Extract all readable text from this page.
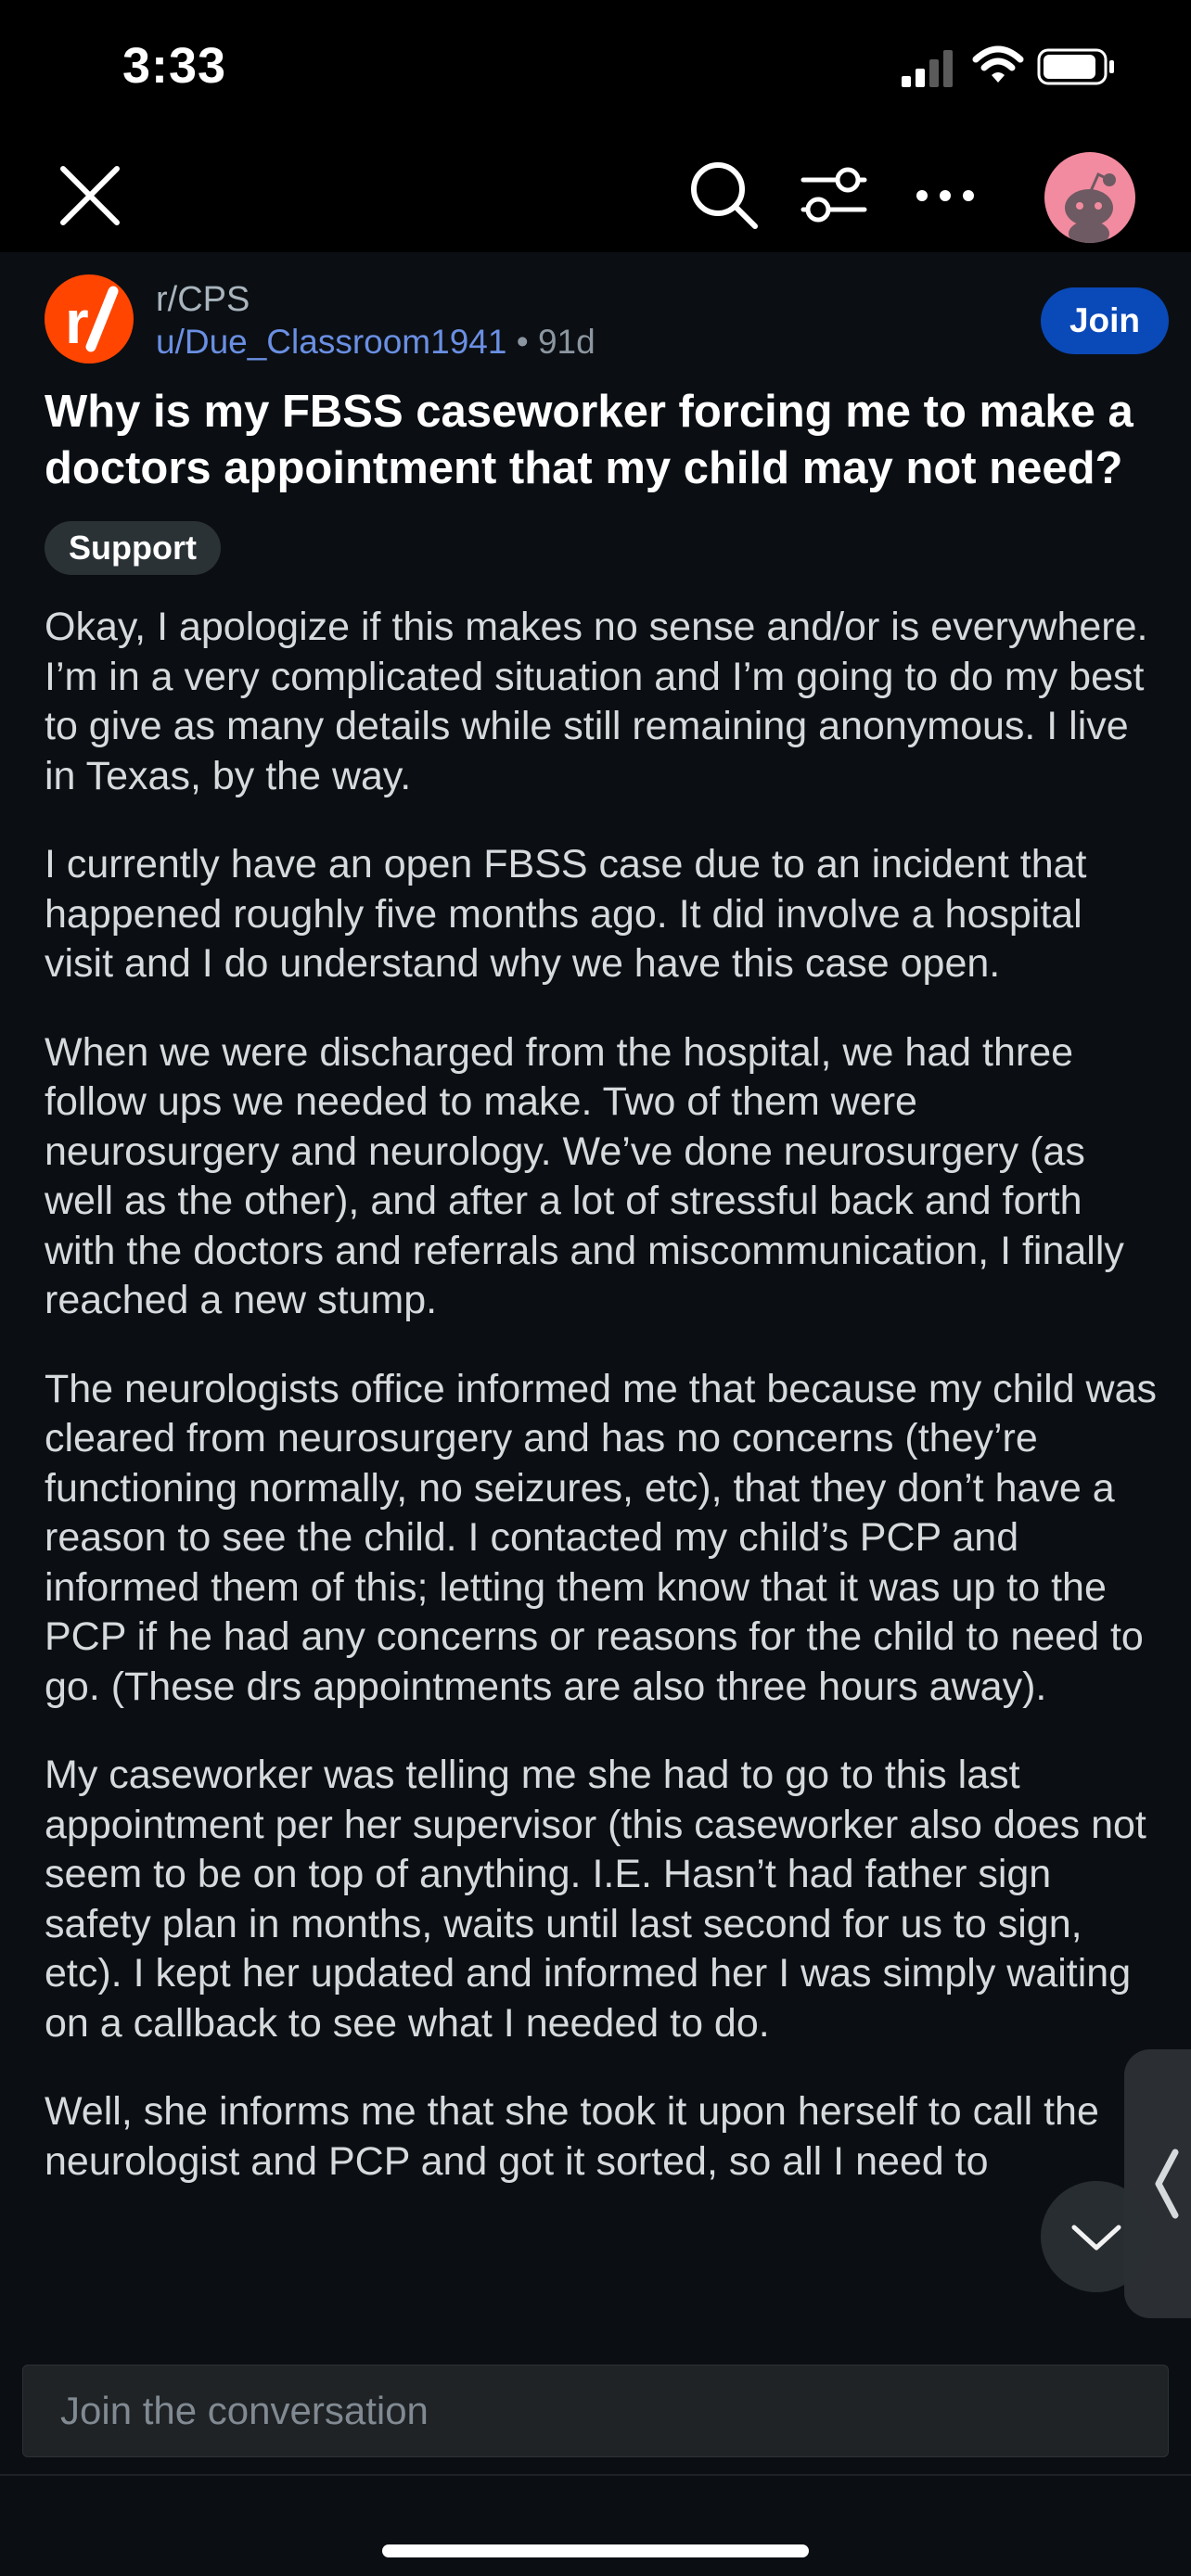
3:33
r r/CPS
u/Due_Classroom1941 • 91d
Join
Why is my FBSS caseworker forcing me to make a doctors appointment that my child may not need?
Support

Okay, I apologize if this makes no sense and/or is everywhere. I’m in a very complicated situation and I’m going to do my best to give as many details while still remaining anonymous. I live in Texas, by the way.

I currently have an open FBSS case due to an incident that happened roughly five months ago. It did involve a hospital visit and I do understand why we have this case open.

When we were discharged from the hospital, we had three follow ups we needed to make. Two of them were neurosurgery and neurology. We’ve done neurosurgery (as well as the other), and after a lot of stressful back and forth with the doctors and referrals and miscommunication, I finally reached a new stump.

The neurologists office informed me that because my child was cleared from neurosurgery and has no concerns (they’re functioning normally, no seizures, etc), that they don’t have a reason to see the child. I contacted my child’s PCP and informed them of this; letting them know that it was up to the PCP if he had any concerns or reasons for the child to need to go. (These drs appointments are also three hours away).

My caseworker was telling me she had to go to this last appointment per her supervisor (this caseworker also does not seem to be on top of anything. I.E. Hasn’t had father sign safety plan in months, waits until last second for us to sign, etc). I kept her updated and informed her I was simply waiting on a callback to see what I needed to do.

Well, she informs me that she took it upon herself to call the neurologist and PCP and got it sorted, so all I need to

Join the conversation
